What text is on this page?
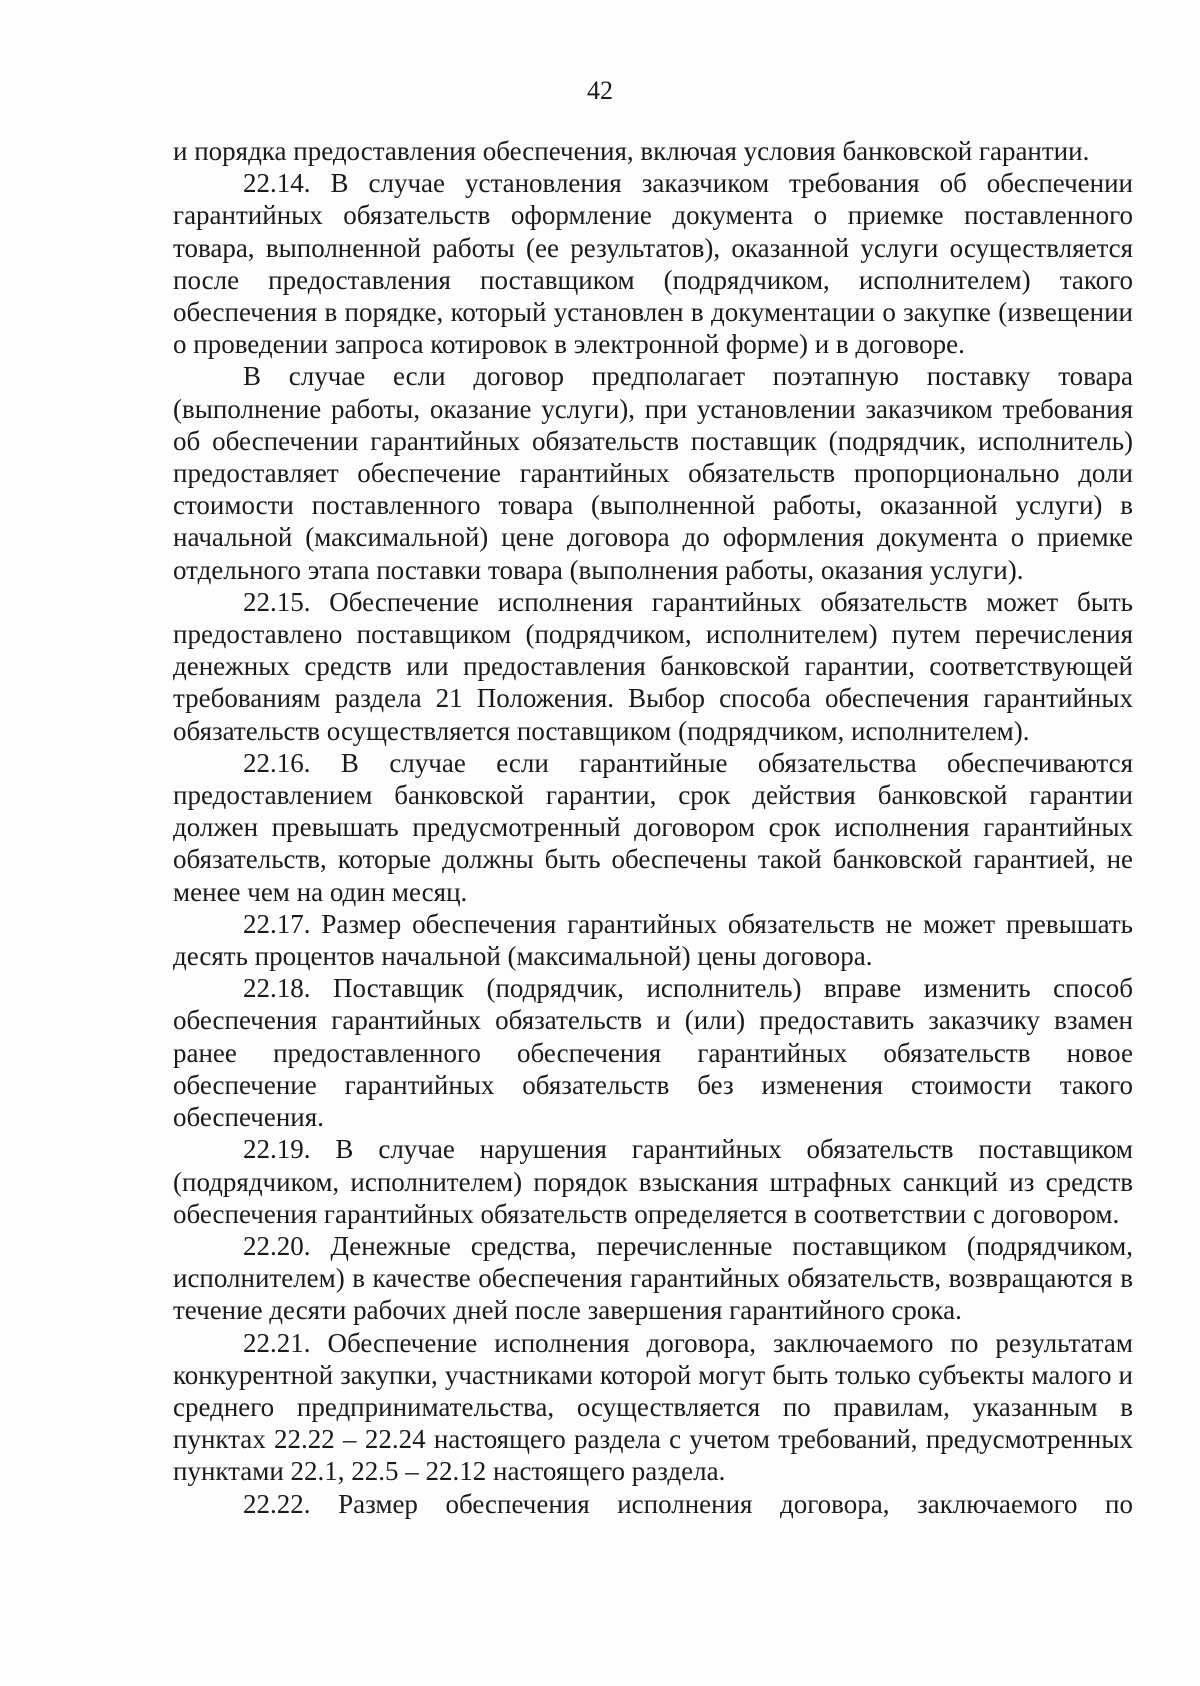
42

и порядка предоставления обеспечения, включая условия банковской гарантии.

22.14. В случае установления заказчиком требования об обеспечении гарантийных обязательств оформление документа о приемке поставленного товара, выполненной работы (ее результатов), оказанной услуги осуществляется после предоставления поставщиком (подрядчиком, исполнителем) такого обеспечения в порядке, который установлен в документации о закупке (извещении о проведении запроса котировок в электронной форме) и в договоре.

В случае если договор предполагает поэтапную поставку товара (выполнение работы, оказание услуги), при установлении заказчиком требования об обеспечении гарантийных обязательств поставщик (подрядчик, исполнитель) предоставляет обеспечение гарантийных обязательств пропорционально доли стоимости поставленного товара (выполненной работы, оказанной услуги) в начальной (максимальной) цене договора до оформления документа о приемке отдельного этапа поставки товара (выполнения работы, оказания услуги).

22.15. Обеспечение исполнения гарантийных обязательств может быть предоставлено поставщиком (подрядчиком, исполнителем) путем перечисления денежных средств или предоставления банковской гарантии, соответствующей требованиям раздела 21 Положения. Выбор способа обеспечения гарантийных обязательств осуществляется поставщиком (подрядчиком, исполнителем).

22.16. В случае если гарантийные обязательства обеспечиваются предоставлением банковской гарантии, срок действия банковской гарантии должен превышать предусмотренный договором срок исполнения гарантийных обязательств, которые должны быть обеспечены такой банковской гарантией, не менее чем на один месяц.

22.17. Размер обеспечения гарантийных обязательств не может превышать десять процентов начальной (максимальной) цены договора.

22.18. Поставщик (подрядчик, исполнитель) вправе изменить способ обеспечения гарантийных обязательств и (или) предоставить заказчику взамен ранее предоставленного обеспечения гарантийных обязательств новое обеспечение гарантийных обязательств без изменения стоимости такого обеспечения.

22.19. В случае нарушения гарантийных обязательств поставщиком (подрядчиком, исполнителем) порядок взыскания штрафных санкций из средств обеспечения гарантийных обязательств определяется в соответствии с договором.

22.20. Денежные средства, перечисленные поставщиком (подрядчиком, исполнителем) в качестве обеспечения гарантийных обязательств, возвращаются в течение десяти рабочих дней после завершения гарантийного срока.

22.21. Обеспечение исполнения договора, заключаемого по результатам конкурентной закупки, участниками которой могут быть только субъекты малого и среднего предпринимательства, осуществляется по правилам, указанным в пунктах 22.22 – 22.24 настоящего раздела с учетом требований, предусмотренных пунктами 22.1, 22.5 – 22.12 настоящего раздела.

22.22. Размер обеспечения исполнения договора, заключаемого по
